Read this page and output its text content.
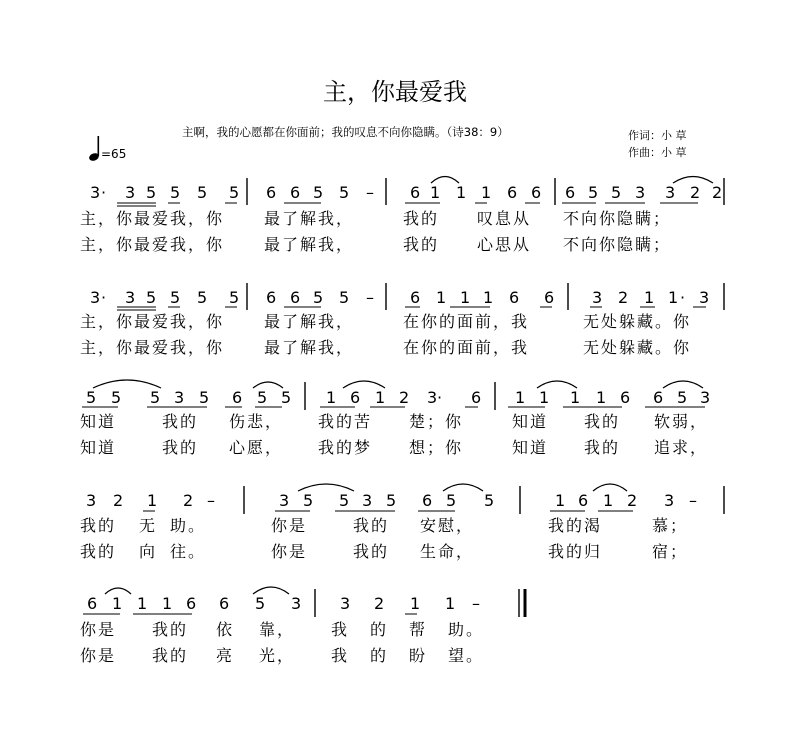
主，你最爱我
主啊，我的心愿都在你面前；我的叹息不向你隐瞒。（诗38：9）	作词：小 草
作曲：小 草
=65
3 · 3 5 5 5 5 6 6 5 5 – 6 1 1 1 6 6 6 5 5 3 3 2 2
主，你最爱我，你 最了解我，	我的 叹息从 不向你隐瞒；
主，你最爱我，你 最了解我，	我的 心思从 不向你隐瞒；
3 · 3 5 5 5 5 6 6 5 5 – 6 1 1 1 6 6 3 2 1 1 · 3
主，你最爱我，你 最了解我，	在你的面前，我	无处躲藏。你
主，你最爱我，你 最了解我，	在你的面前，我	无处躲藏。你
5 5 5 3 5 6 5 5 1 6 1 2 3 · 6 1 1 1 1 6 6 5 3
知道	我的 伤悲， 我的苦 楚；你	知道 我的 软弱，
知道	我的 心愿， 我的梦 想；你	知道 我的 追求，
3 2 1 2 –	3 5 5 3 5 6 5 5	1 6 1 2 3 –
我的 无 助。	你是	我的 安慰，	我的渴	慕；
我的 向 往。	你是	我的 生命，	我的归	宿；
6 1 1 1 6 6 5 3 3 2 1 1 –
你是 我的 依 靠， 我 的 帮 助。
你是 我的 亮 光， 我 的 盼 望。
